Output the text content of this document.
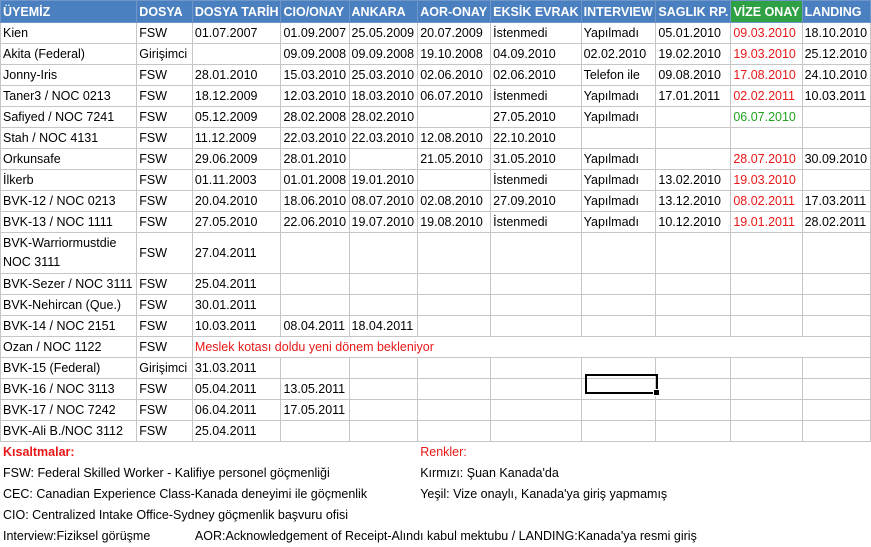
ÜYEMİZ	DOSYA	DOSYA TARİH	CIO/ONAY	ANKARA	AOR-ONAY	EKSİK EVRAK	INTERVIEW	SAGLIK RP.	VİZE ONAY	LANDING
Kien	FSW	01.07.2007	01.09.2007	25.05.2009	20.07.2009	İstenmedi	Yapılmadı	05.01.2010	09.03.2010	18.10.2010
Akita (Federal)	Girişimci		09.09.2008	09.09.2008	19.10.2008	04.09.2010	02.02.2010	19.02.2010	19.03.2010	25.12.2010
Jonny-Iris	FSW	28.01.2010	15.03.2010	25.03.2010	02.06.2010	02.06.2010	Telefon ile	09.08.2010	17.08.2010	24.10.2010
Taner3 / NOC 0213	FSW	18.12.2009	12.03.2010	18.03.2010	06.07.2010	İstenmedi	Yapılmadı	17.01.2011	02.02.2011	10.03.2011
Safiyed / NOC 7241	FSW	05.12.2009	28.02.2008	28.02.2010		27.05.2010	Yapılmadı		06.07.2010	
Stah / NOC 4131	FSW	11.12.2009	22.03.2010	22.03.2010	12.08.2010	22.10.2010				
Orkunsafe	FSW	29.06.2009	28.01.2010		21.05.2010	31.05.2010	Yapılmadı		28.07.2010	30.09.2010
İlkerb	FSW	01.11.2003	01.01.2008	19.01.2010		İstenmedi	Yapılmadı	13.02.2010	19.03.2010	
BVK-12 / NOC 0213	FSW	20.04.2010	18.06.2010	08.07.2010	02.08.2010	27.09.2010	Yapılmadı	13.12.2010	08.02.2011	17.03.2011
BVK-13 / NOC 1111	FSW	27.05.2010	22.06.2010	19.07.2010	19.08.2010	İstenmedi	Yapılmadı	10.12.2010	19.01.2011	28.02.2011
BVK-Warriormustdie NOC 3111	FSW	27.04.2011								
BVK-Sezer / NOC 3111	FSW	25.04.2011								
BVK-Nehircan (Que.)	FSW	30.01.2011								
BVK-14 / NOC 2151	FSW	10.03.2011	08.04.2011	18.04.2011						
Ozan / NOC 1122	FSW	Meslek kotası doldu yeni dönem bekleniyor								
BVK-15 (Federal)	Girişimci	31.03.2011								
BVK-16 / NOC 3113	FSW	05.04.2011	13.05.2011							
BVK-17 / NOC 7242	FSW	06.04.2011	17.05.2011							
BVK-Ali B./NOC 3112	FSW	25.04.2011								
Kısaltmalar:					Renkler:					
FSW: Federal Skilled Worker - Kalifiye personel göçmenliği					Kırmızı: Şuan Kanada'da					
CEC: Canadian Experience Class-Kanada deneyimi ile göçmenlik					Yeşil: Vize onaylı, Kanada'ya giriş yapmamış					
CIO: Centralized Intake Office-Sydney göçmenlik başvuru ofisi										
Interview:Fiziksel görüşme		AOR:Acknowledgement of Receipt-Alındı kabul mektubu / LANDING:Kanada'ya resmi giriş								
